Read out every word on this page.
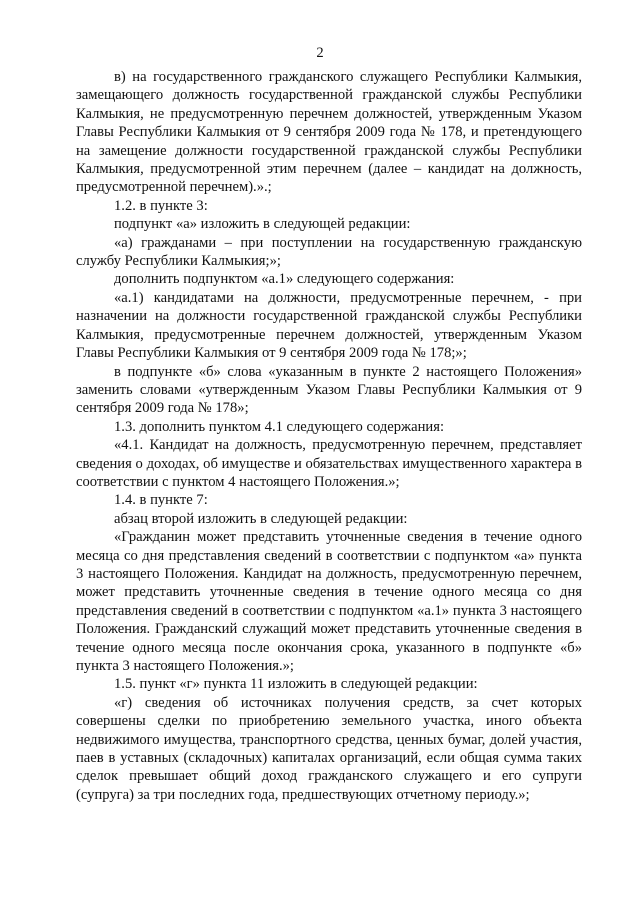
2

в) на государственного гражданского служащего Республики Калмыкия, замещающего должность государственной гражданской службы Республики Калмыкия, не предусмотренную перечнем должностей, утвержденным Указом Главы Республики Калмыкия от 9 сентября 2009 года № 178, и претендующего на замещение должности государственной гражданской службы Республики Калмыкия, предусмотренной этим перечнем (далее – кандидат на должность, предусмотренной перечнем).».;

1.2. в пункте 3:

подпункт «а» изложить в следующей редакции:

«а) гражданами – при поступлении на государственную гражданскую службу Республики Калмыкия;»;

дополнить подпунктом «а.1» следующего содержания:

«а.1) кандидатами на должности, предусмотренные перечнем, - при назначении на должности государственной гражданской службы Республики Калмыкия, предусмотренные перечнем должностей, утвержденным Указом Главы Республики Калмыкия от 9 сентября 2009 года № 178;»;

в подпункте «б» слова «указанным в пункте 2 настоящего Положения» заменить словами «утвержденным Указом Главы Республики Калмыкия от 9 сентября 2009 года № 178»;

1.3. дополнить пунктом 4.1 следующего содержания:

«4.1. Кандидат на должность, предусмотренную перечнем, представляет сведения о доходах, об имуществе и обязательствах имущественного характера в соответствии с пунктом 4 настоящего Положения.»;

1.4. в пункте 7:

абзац второй изложить в следующей редакции:

«Гражданин может представить уточненные сведения в течение одного месяца со дня представления сведений в соответствии с подпунктом «а» пункта 3 настоящего Положения. Кандидат на должность, предусмотренную перечнем, может представить уточненные сведения в течение одного месяца со дня представления сведений в соответствии с подпунктом «а.1» пункта 3 настоящего Положения. Гражданский служащий может представить уточненные сведения в течение одного месяца после окончания срока, указанного в подпункте «б» пункта 3 настоящего Положения.»;

1.5. пункт «г» пункта 11 изложить в следующей редакции:

«г) сведения об источниках получения средств, за счет которых совершены сделки по приобретению земельного участка, иного объекта недвижимого имущества, транспортного средства, ценных бумаг, долей участия, паев в уставных (складочных) капиталах организаций, если общая сумма таких сделок превышает общий доход гражданского служащего и его супруги (супруга) за три последних года, предшествующих отчетному периоду.»;
